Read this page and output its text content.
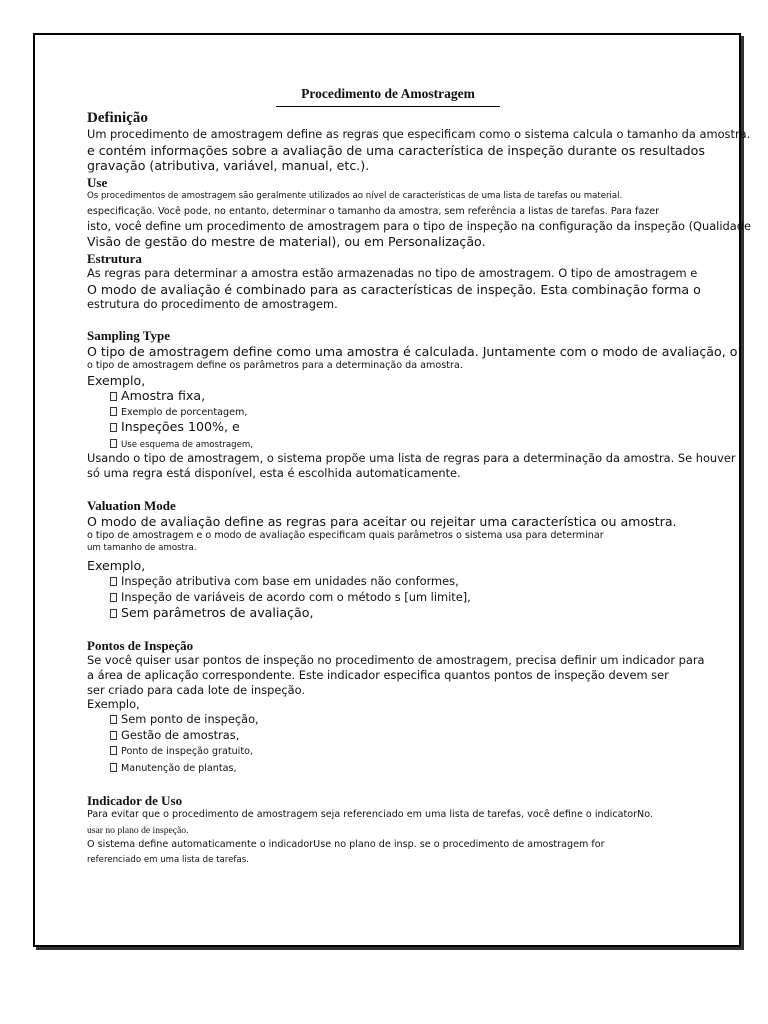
Procedimento de Amostragem
Definição
Um procedimento de amostragem define as regras que especificam como o sistema calcula o tamanho da amostra.
e contém informações sobre a avaliação de uma característica de inspeção durante os resultados
gravação (atributiva, variável, manual, etc.).
Use
Os procedimentos de amostragem são geralmente utilizados ao nível de características de uma lista de tarefas ou material.
especificação. Você pode, no entanto, determinar o tamanho da amostra, sem referência a listas de tarefas. Para fazer
isto, você define um procedimento de amostragem para o tipo de inspeção na configuração da inspeção (Qualidade
Visão de gestão do mestre de material), ou em Personalização.
Estrutura
As regras para determinar a amostra estão armazenadas no tipo de amostragem. O tipo de amostragem e
O modo de avaliação é combinado para as características de inspeção. Esta combinação forma o
estrutura do procedimento de amostragem.
Sampling Type
O tipo de amostragem define como uma amostra é calculada. Juntamente com o modo de avaliação, o
o tipo de amostragem define os parâmetros para a determinação da amostra.
Exemplo,
Amostra fixa,
Exemplo de porcentagem,
Inspeções 100%, e
Use esquema de amostragem,
Usando o tipo de amostragem, o sistema propõe uma lista de regras para a determinação da amostra. Se houver
só uma regra está disponível, esta é escolhida automaticamente.
Valuation Mode
O modo de avaliação define as regras para aceitar ou rejeitar uma característica ou amostra.
o tipo de amostragem e o modo de avaliação especificam quais parâmetros o sistema usa para determinar
um tamanho de amostra.
Exemplo,
Inspeção atributiva com base em unidades não conformes,
Inspeção de variáveis de acordo com o método s [um limite],
Sem parâmetros de avaliação,
Pontos de Inspeção
Se você quiser usar pontos de inspeção no procedimento de amostragem, precisa definir um indicador para
a área de aplicação correspondente. Este indicador especifica quantos pontos de inspeção devem ser
ser criado para cada lote de inspeção.
Exemplo,
Sem ponto de inspeção,
Gestão de amostras,
Ponto de inspeção gratuito,
Manutenção de plantas,
Indicador de Uso
Para evitar que o procedimento de amostragem seja referenciado em uma lista de tarefas, você define o indicatorNo.
usar no plano de inspeção.
O sistema define automaticamente o indicadorUse no plano de insp. se o procedimento de amostragem for
referenciado em uma lista de tarefas.
